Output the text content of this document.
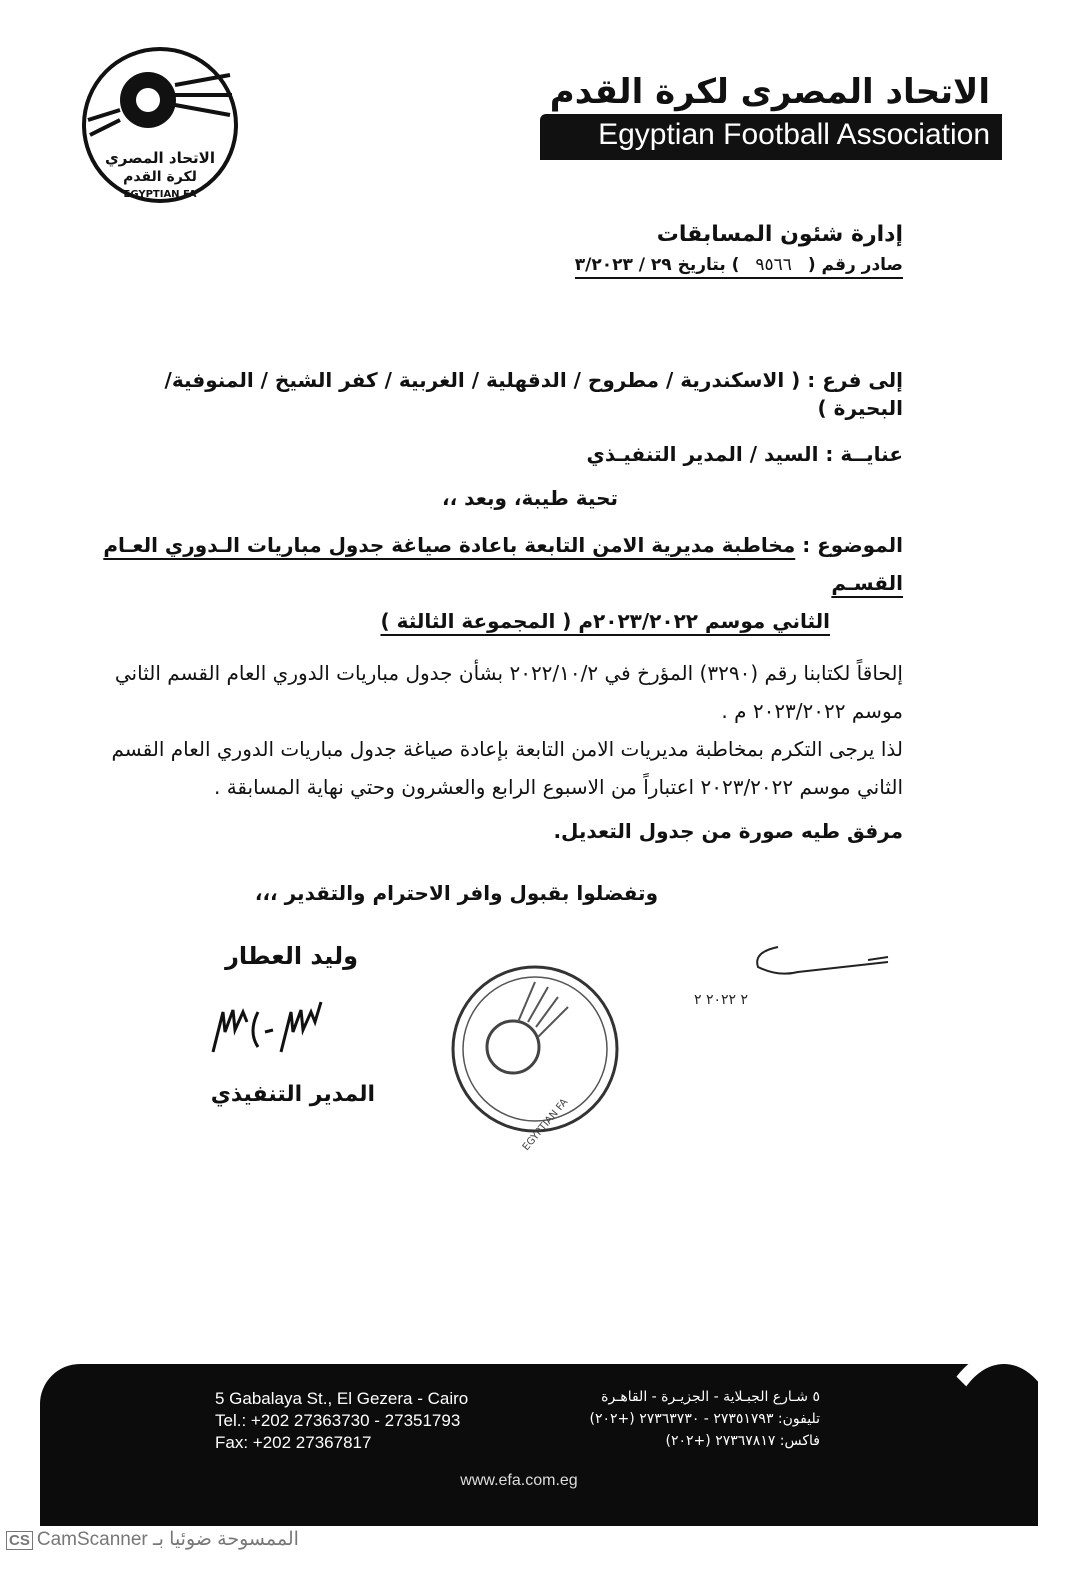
الاتحاد المصري
لكرة القدم
EGYPTIAN FA
الاتحاد المصرى لكرة القدم
Egyptian Football Association
إدارة شئون المسابقات
صادر رقم ( ٩٥٦٦ ) بتاريخ ٢٩ / ٣/٢٠٢٣
إلى فرع : ( الاسكندرية / مطروح / الدقهلية / الغربية / كفر الشيخ / المنوفية/ البحيرة )
عنايــة : السيد / المدير التنفيـذي
تحية طيبة، وبعد ،،
الموضوع : مخاطبة مديرية الامن التابعة باعادة صياغة جدول مباريات الـدوري العـام القسـم
الثاني موسم ٢٠٢٣/٢٠٢٢م ( المجموعة الثالثة )
إلحاقاً لكتابنا رقم (٣٢٩٠) المؤرخ في ٢٠٢٢/١٠/٢ بشأن جدول مباريات الدوري العام القسم الثاني موسم ٢٠٢٣/٢٠٢٢ م .
لذا يرجى التكرم بمخاطبة مديريات الامن التابعة بإعادة صياغة جدول مباريات الدوري العام القسم الثاني موسم ٢٠٢٣/٢٠٢٢ اعتباراً من الاسبوع الرابع والعشرون وحتي نهاية المسابقة .
مرفق طيه صورة من جدول التعديل.
وتفضلوا بقبول وافر الاحترام والتقدير ،،،
وليد العطار
المدير التنفيذي
EGYPTIAN FA
٢ ٢٠٢٢ ٢
5 Gabalaya St., El Gezera - Cairo
Tel.: +202 27363730 - 27351793
Fax: +202 27367817
٥ شـارع الجبـلاية - الجزيـرة - القاهـرة
تليفون: ٢٧٣٥١٧٩٣ - ٢٧٣٦٣٧٣٠ (+٢٠٢)
فاكس: ٢٧٣٦٧٨١٧ (+٢٠٢)
www.efa.com.eg
CS CamScanner الممسوحة ضوئيا بـ
